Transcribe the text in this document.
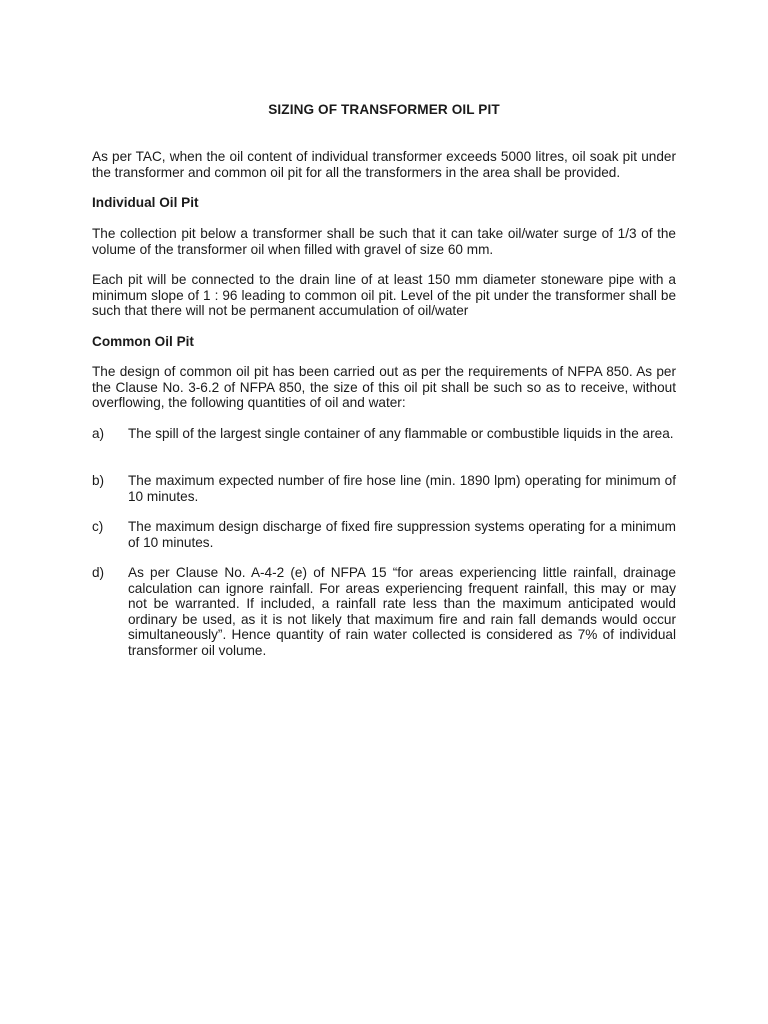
SIZING OF TRANSFORMER OIL PIT

As per TAC, when the oil content of individual transformer exceeds 5000 litres, oil soak pit under the transformer and common oil pit for all the transformers in the area shall be provided.

Individual Oil Pit

The collection pit below a transformer shall be such that it can take oil/water surge of 1/3 of the volume of the transformer oil when filled with gravel of size 60 mm.

Each pit will be connected to the drain line of at least 150 mm diameter stoneware pipe with a minimum slope of 1 : 96 leading to common oil pit. Level of the pit under the transformer shall be such that there will not be permanent accumulation of oil/water

Common Oil Pit

The design of common oil pit has been carried out as per the requirements of NFPA 850. As per the Clause No. 3-6.2 of NFPA 850, the size of this oil pit shall be such so as to receive, without overflowing, the following quantities of oil and water:

a)	The spill of the largest single container of any flammable or combustible liquids in the area.
b)	The maximum expected number of fire hose line (min. 1890 lpm) operating for minimum of 10 minutes.
c)	The maximum design discharge of fixed fire suppression systems operating for a minimum of 10 minutes.
d)	As per Clause No. A-4-2 (e) of NFPA 15 “for areas experiencing little rainfall, drainage
calculation can ignore rainfall. For areas experiencing frequent rainfall, this may or may
not be warranted. If included, a rainfall rate less than the maximum anticipated would
ordinary be used, as it is not likely that maximum fire and rain fall demands would occur
simultaneously”. Hence quantity of rain water collected is considered as 7% of individual
transformer oil volume.
